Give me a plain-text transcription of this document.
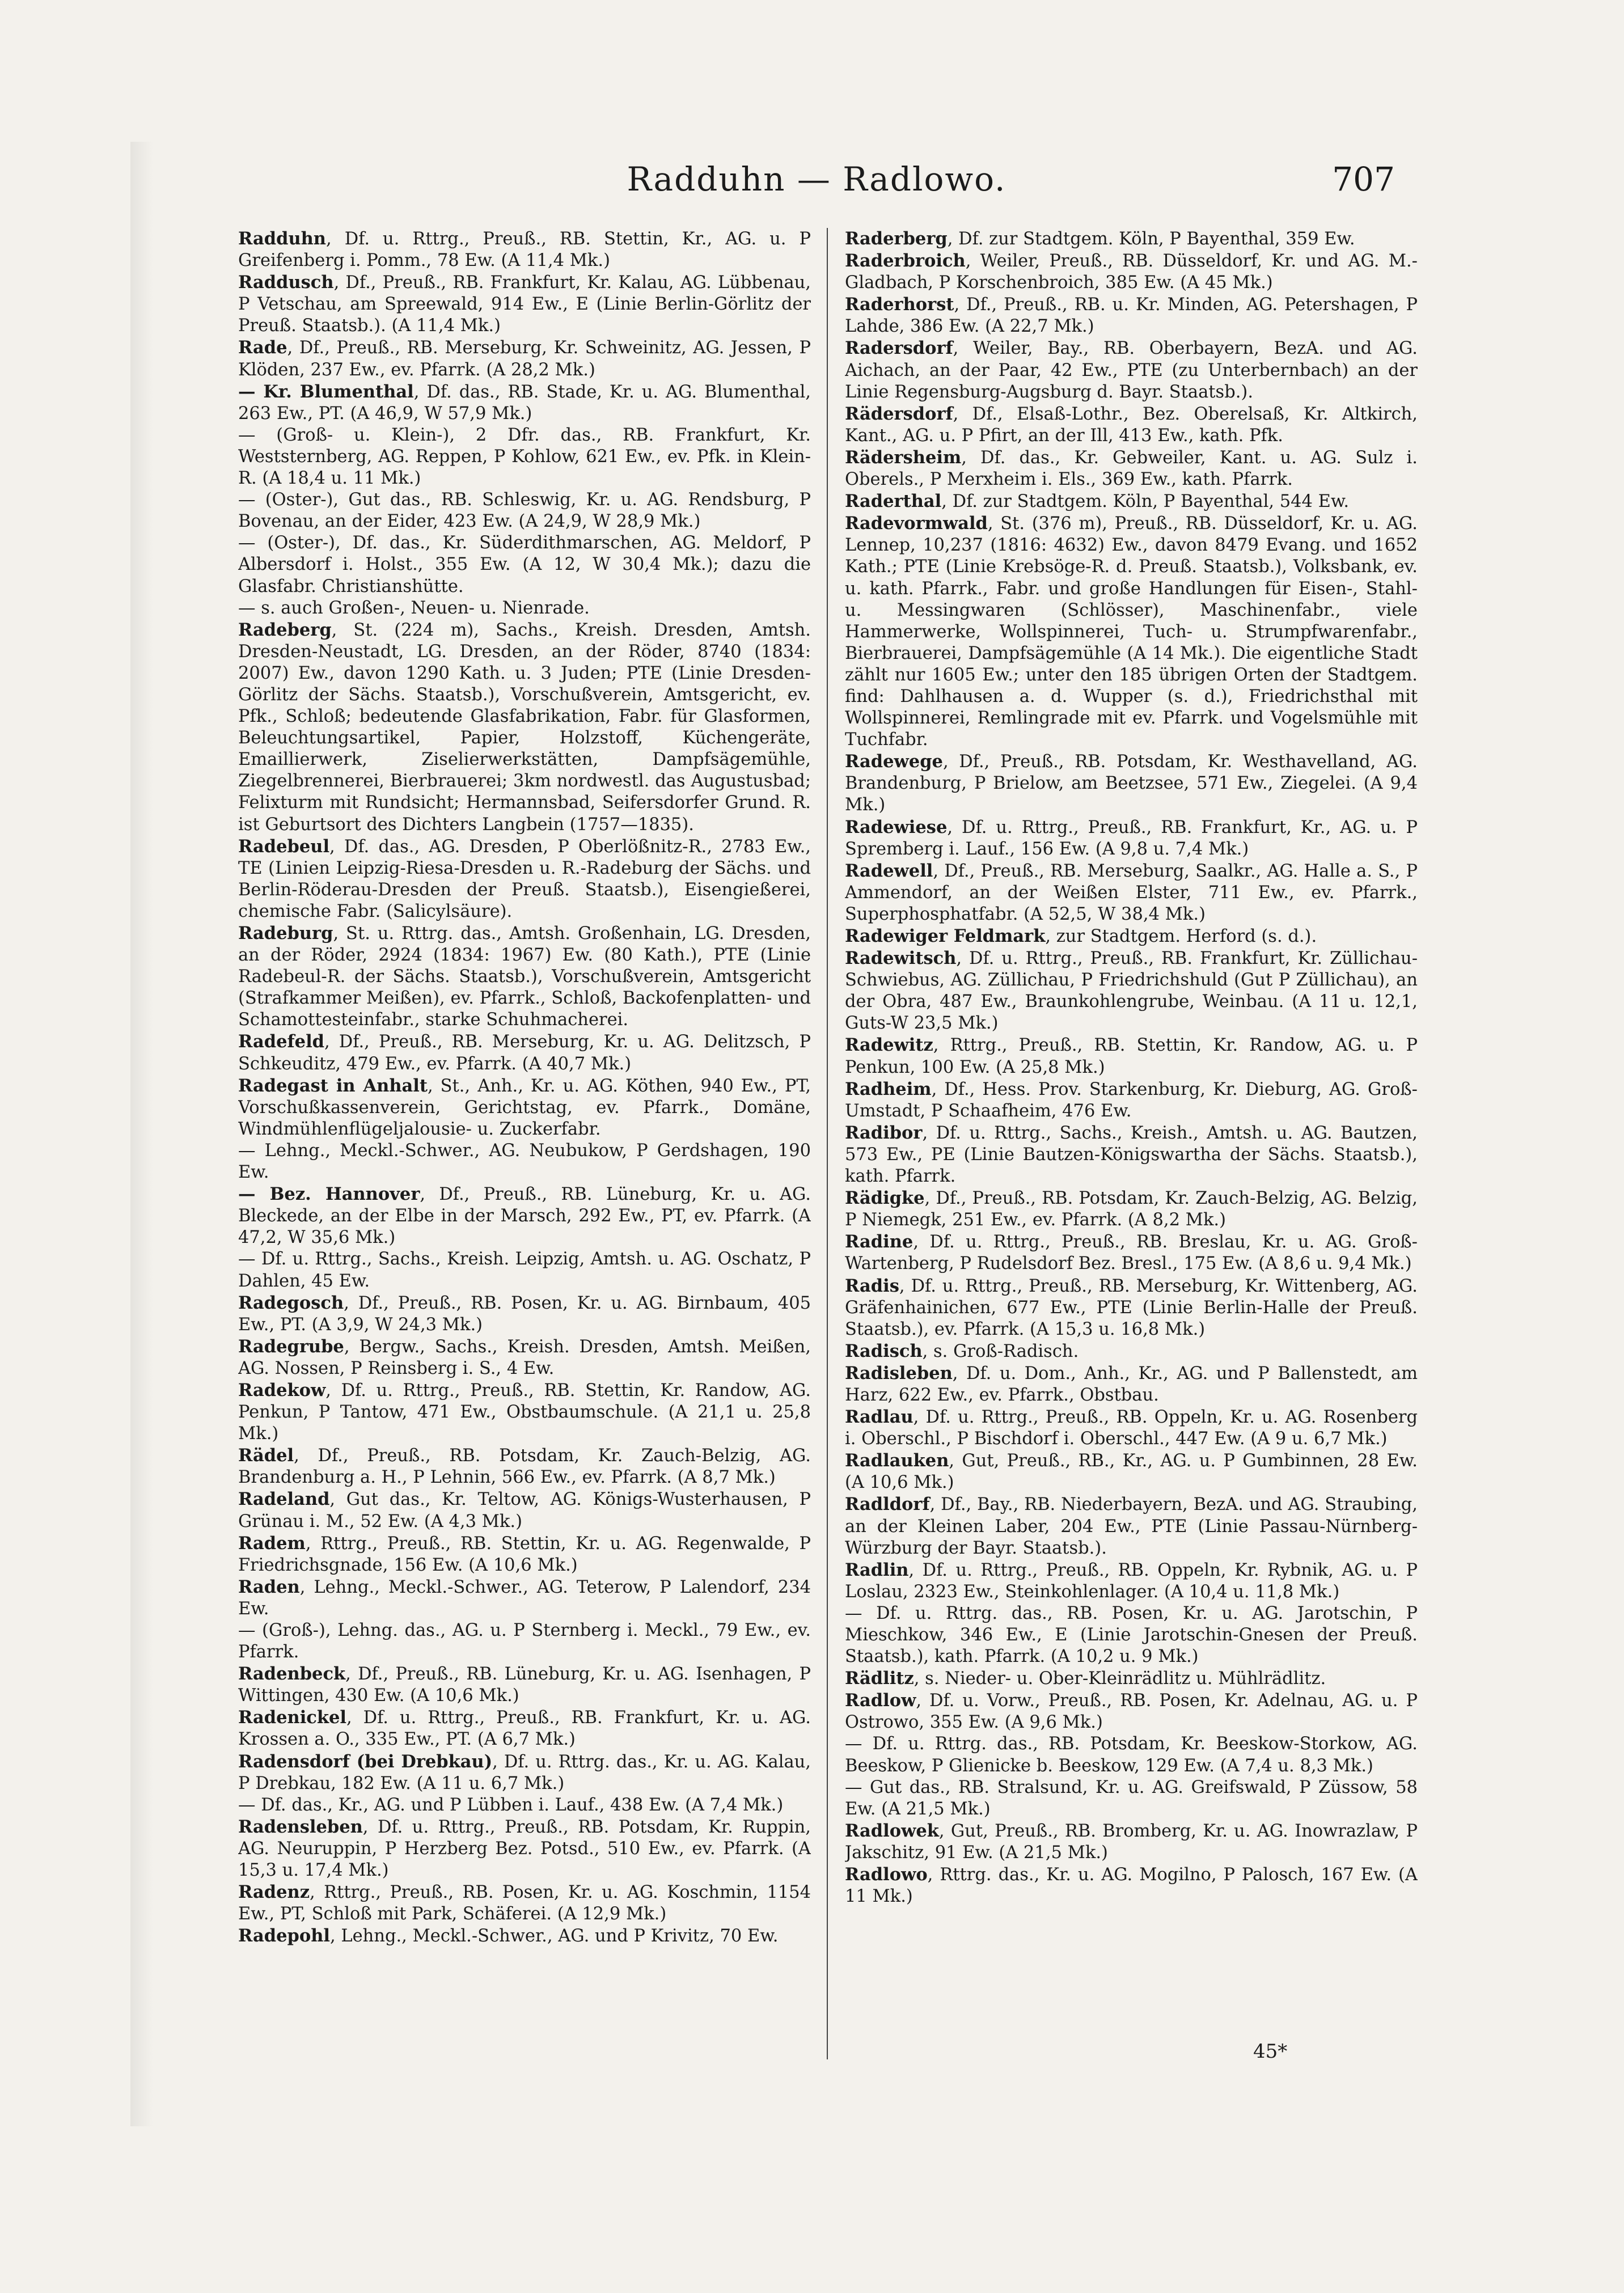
Radduhn — Radlowo.	707

Radduhn, Df. u. Rttrg., Preuß., RB. Stettin, Kr., AG. u. P Greifenberg i. Pomm., 78 Ew. (A 11,4 Mk.)

Raddusch, Df., Preuß., RB. Frankfurt, Kr. Kalau, AG. Lübbenau, P Vetschau, am Spreewald, 914 Ew., E (Linie Berlin-Görlitz der Preuß. Staatsb.). (A 11,4 Mk.)

Rade, Df., Preuß., RB. Merseburg, Kr. Schweinitz, AG. Jessen, P Klöden, 237 Ew., ev. Pfarrk. (A 28,2 Mk.)

— Kr. Blumenthal, Df. das., RB. Stade, Kr. u. AG. Blumenthal, 263 Ew., PT. (A 46,9, W 57,9 Mk.)

— (Groß- u. Klein-), 2 Dfr. das., RB. Frankfurt, Kr. Weststernberg, AG. Reppen, P Kohlow, 621 Ew., ev. Pfk. in Klein-R. (A 18,4 u. 11 Mk.)

— (Oster-), Gut das., RB. Schleswig, Kr. u. AG. Rendsburg, P Bovenau, an der Eider, 423 Ew. (A 24,9, W 28,9 Mk.)

— (Oster-), Df. das., Kr. Süderdithmarschen, AG. Meldorf, P Albersdorf i. Holst., 355 Ew. (A 12, W 30,4 Mk.); dazu die Glasfabr. Christianshütte.

— s. auch Großen-, Neuen- u. Nienrade.

Radeberg, St. (224 m), Sachs., Kreish. Dresden, Amtsh. Dresden-Neustadt, LG. Dresden, an der Röder, 8740 (1834: 2007) Ew., davon 1290 Kath. u. 3 Juden; PTE (Linie Dresden-Görlitz der Sächs. Staatsb.), Vorschußverein, Amtsgericht, ev. Pfk., Schloß; bedeutende Glasfabrikation, Fabr. für Glasformen, Beleuchtungsartikel, Papier, Holzstoff, Küchengeräte, Emaillierwerk, Ziselierwerkstätten, Dampfsägemühle, Ziegelbrennerei, Bierbrauerei; 3km nordwestl. das Augustusbad; Felixturm mit Rundsicht; Hermannsbad, Seifersdorfer Grund. R. ist Geburtsort des Dichters Langbein (1757—1835).

Radebeul, Df. das., AG. Dresden, P Oberlößnitz-R., 2783 Ew., TE (Linien Leipzig-Riesa-Dresden u. R.-Radeburg der Sächs. und Berlin-Röderau-Dresden der Preuß. Staatsb.), Eisengießerei, chemische Fabr. (Salicylsäure).

Radeburg, St. u. Rttrg. das., Amtsh. Großenhain, LG. Dresden, an der Röder, 2924 (1834: 1967) Ew. (80 Kath.), PTE (Linie Radebeul-R. der Sächs. Staatsb.), Vorschußverein, Amtsgericht (Strafkammer Meißen), ev. Pfarrk., Schloß, Backofenplatten- und Schamottesteinfabr., starke Schuhmacherei.

Radefeld, Df., Preuß., RB. Merseburg, Kr. u. AG. Delitzsch, P Schkeuditz, 479 Ew., ev. Pfarrk. (A 40,7 Mk.)

Radegast in Anhalt, St., Anh., Kr. u. AG. Köthen, 940 Ew., PT, Vorschußkassenverein, Gerichtstag, ev. Pfarrk., Domäne, Windmühlenflügeljalousie- u. Zuckerfabr.

— Lehng., Meckl.-Schwer., AG. Neubukow, P Gerdshagen, 190 Ew.

— Bez. Hannover, Df., Preuß., RB. Lüneburg, Kr. u. AG. Bleckede, an der Elbe in der Marsch, 292 Ew., PT, ev. Pfarrk. (A 47,2, W 35,6 Mk.)

— Df. u. Rttrg., Sachs., Kreish. Leipzig, Amtsh. u. AG. Oschatz, P Dahlen, 45 Ew.

Radegosch, Df., Preuß., RB. Posen, Kr. u. AG. Birnbaum, 405 Ew., PT. (A 3,9, W 24,3 Mk.)

Radegrube, Bergw., Sachs., Kreish. Dresden, Amtsh. Meißen, AG. Nossen, P Reinsberg i. S., 4 Ew.

Radekow, Df. u. Rttrg., Preuß., RB. Stettin, Kr. Randow, AG. Penkun, P Tantow, 471 Ew., Obstbaumschule. (A 21,1 u. 25,8 Mk.)

Rädel, Df., Preuß., RB. Potsdam, Kr. Zauch-Belzig, AG. Brandenburg a. H., P Lehnin, 566 Ew., ev. Pfarrk. (A 8,7 Mk.)

Radeland, Gut das., Kr. Teltow, AG. Königs-Wusterhausen, P Grünau i. M., 52 Ew. (A 4,3 Mk.)

Radem, Rttrg., Preuß., RB. Stettin, Kr. u. AG. Regenwalde, P Friedrichsgnade, 156 Ew. (A 10,6 Mk.)

Raden, Lehng., Meckl.-Schwer., AG. Teterow, P Lalendorf, 234 Ew.

— (Groß-), Lehng. das., AG. u. P Sternberg i. Meckl., 79 Ew., ev. Pfarrk.

Radenbeck, Df., Preuß., RB. Lüneburg, Kr. u. AG. Isenhagen, P Wittingen, 430 Ew. (A 10,6 Mk.)

Radenickel, Df. u. Rttrg., Preuß., RB. Frankfurt, Kr. u. AG. Krossen a. O., 335 Ew., PT. (A 6,7 Mk.)

Radensdorf (bei Drebkau), Df. u. Rttrg. das., Kr. u. AG. Kalau, P Drebkau, 182 Ew. (A 11 u. 6,7 Mk.)

— Df. das., Kr., AG. und P Lübben i. Lauf., 438 Ew. (A 7,4 Mk.)

Radensleben, Df. u. Rttrg., Preuß., RB. Potsdam, Kr. Ruppin, AG. Neuruppin, P Herzberg Bez. Potsd., 510 Ew., ev. Pfarrk. (A 15,3 u. 17,4 Mk.)

Radenz, Rttrg., Preuß., RB. Posen, Kr. u. AG. Koschmin, 1154 Ew., PT, Schloß mit Park, Schäferei. (A 12,9 Mk.)

Radepohl, Lehng., Meckl.-Schwer., AG. und P Krivitz, 70 Ew.

Raderberg, Df. zur Stadtgem. Köln, P Bayenthal, 359 Ew.

Raderbroich, Weiler, Preuß., RB. Düsseldorf, Kr. und AG. M.-Gladbach, P Korschenbroich, 385 Ew. (A 45 Mk.)

Raderhorst, Df., Preuß., RB. u. Kr. Minden, AG. Petershagen, P Lahde, 386 Ew. (A 22,7 Mk.)

Radersdorf, Weiler, Bay., RB. Oberbayern, BezA. und AG. Aichach, an der Paar, 42 Ew., PTE (zu Unterbernbach) an der Linie Regensburg-Augsburg d. Bayr. Staatsb.).

Rädersdorf, Df., Elsaß-Lothr., Bez. Oberelsaß, Kr. Altkirch, Kant., AG. u. P Pfirt, an der Ill, 413 Ew., kath. Pfk.

Rädersheim, Df. das., Kr. Gebweiler, Kant. u. AG. Sulz i. Oberels., P Merxheim i. Els., 369 Ew., kath. Pfarrk.

Raderthal, Df. zur Stadtgem. Köln, P Bayenthal, 544 Ew.

Radevormwald, St. (376 m), Preuß., RB. Düsseldorf, Kr. u. AG. Lennep, 10,237 (1816: 4632) Ew., davon 8479 Evang. und 1652 Kath.; PTE (Linie Krebsöge-R. d. Preuß. Staatsb.), Volksbank, ev. u. kath. Pfarrk., Fabr. und große Handlungen für Eisen-, Stahl- u. Messingwaren (Schlösser), Maschinenfabr., viele Hammerwerke, Wollspinnerei, Tuch- u. Strumpfwarenfabr., Bierbrauerei, Dampfsägemühle (A 14 Mk.). Die eigentliche Stadt zählt nur 1605 Ew.; unter den 185 übrigen Orten der Stadtgem. find: Dahlhausen a. d. Wupper (s. d.), Friedrichsthal mit Wollspinnerei, Remlingrade mit ev. Pfarrk. und Vogelsmühle mit Tuchfabr.

Radewege, Df., Preuß., RB. Potsdam, Kr. Westhavelland, AG. Brandenburg, P Brielow, am Beetzsee, 571 Ew., Ziegelei. (A 9,4 Mk.)

Radewiese, Df. u. Rttrg., Preuß., RB. Frankfurt, Kr., AG. u. P Spremberg i. Lauf., 156 Ew. (A 9,8 u. 7,4 Mk.)

Radewell, Df., Preuß., RB. Merseburg, Saalkr., AG. Halle a. S., P Ammendorf, an der Weißen Elster, 711 Ew., ev. Pfarrk., Superphosphatfabr. (A 52,5, W 38,4 Mk.)

Radewiger Feldmark, zur Stadtgem. Herford (s. d.).

Radewitsch, Df. u. Rttrg., Preuß., RB. Frankfurt, Kr. Züllichau-Schwiebus, AG. Züllichau, P Friedrichshuld (Gut P Züllichau), an der Obra, 487 Ew., Braunkohlengrube, Weinbau. (A 11 u. 12,1, Guts-W 23,5 Mk.)

Radewitz, Rttrg., Preuß., RB. Stettin, Kr. Randow, AG. u. P Penkun, 100 Ew. (A 25,8 Mk.)

Radheim, Df., Hess. Prov. Starkenburg, Kr. Dieburg, AG. Groß-Umstadt, P Schaafheim, 476 Ew.

Radibor, Df. u. Rttrg., Sachs., Kreish., Amtsh. u. AG. Bautzen, 573 Ew., PE (Linie Bautzen-Königswartha der Sächs. Staatsb.), kath. Pfarrk.

Rädigke, Df., Preuß., RB. Potsdam, Kr. Zauch-Belzig, AG. Belzig, P Niemegk, 251 Ew., ev. Pfarrk. (A 8,2 Mk.)

Radine, Df. u. Rttrg., Preuß., RB. Breslau, Kr. u. AG. Groß-Wartenberg, P Rudelsdorf Bez. Bresl., 175 Ew. (A 8,6 u. 9,4 Mk.)

Radis, Df. u. Rttrg., Preuß., RB. Merseburg, Kr. Wittenberg, AG. Gräfenhainichen, 677 Ew., PTE (Linie Berlin-Halle der Preuß. Staatsb.), ev. Pfarrk. (A 15,3 u. 16,8 Mk.)

Radisch, s. Groß-Radisch.

Radisleben, Df. u. Dom., Anh., Kr., AG. und P Ballenstedt, am Harz, 622 Ew., ev. Pfarrk., Obstbau.

Radlau, Df. u. Rttrg., Preuß., RB. Oppeln, Kr. u. AG. Rosenberg i. Oberschl., P Bischdorf i. Oberschl., 447 Ew. (A 9 u. 6,7 Mk.)

Radlauken, Gut, Preuß., RB., Kr., AG. u. P Gumbinnen, 28 Ew. (A 10,6 Mk.)

Radldorf, Df., Bay., RB. Niederbayern, BezA. und AG. Straubing, an der Kleinen Laber, 204 Ew., PTE (Linie Passau-Nürnberg-Würzburg der Bayr. Staatsb.).

Radlin, Df. u. Rttrg., Preuß., RB. Oppeln, Kr. Rybnik, AG. u. P Loslau, 2323 Ew., Steinkohlenlager. (A 10,4 u. 11,8 Mk.)

— Df. u. Rttrg. das., RB. Posen, Kr. u. AG. Jarotschin, P Mieschkow, 346 Ew., E (Linie Jarotschin-Gnesen der Preuß. Staatsb.), kath. Pfarrk. (A 10,2 u. 9 Mk.)

Rädlitz, s. Nieder- u. Ober-Kleinrädlitz u. Mühlrädlitz.

Radlow, Df. u. Vorw., Preuß., RB. Posen, Kr. Adelnau, AG. u. P Ostrowo, 355 Ew. (A 9,6 Mk.)

— Df. u. Rttrg. das., RB. Potsdam, Kr. Beeskow-Storkow, AG. Beeskow, P Glienicke b. Beeskow, 129 Ew. (A 7,4 u. 8,3 Mk.)

— Gut das., RB. Stralsund, Kr. u. AG. Greifswald, P Züssow, 58 Ew. (A 21,5 Mk.)

Radlowek, Gut, Preuß., RB. Bromberg, Kr. u. AG. Inowrazlaw, P Jakschitz, 91 Ew. (A 21,5 Mk.)

Radlowo, Rttrg. das., Kr. u. AG. Mogilno, P Palosch, 167 Ew. (A 11 Mk.)

45*
